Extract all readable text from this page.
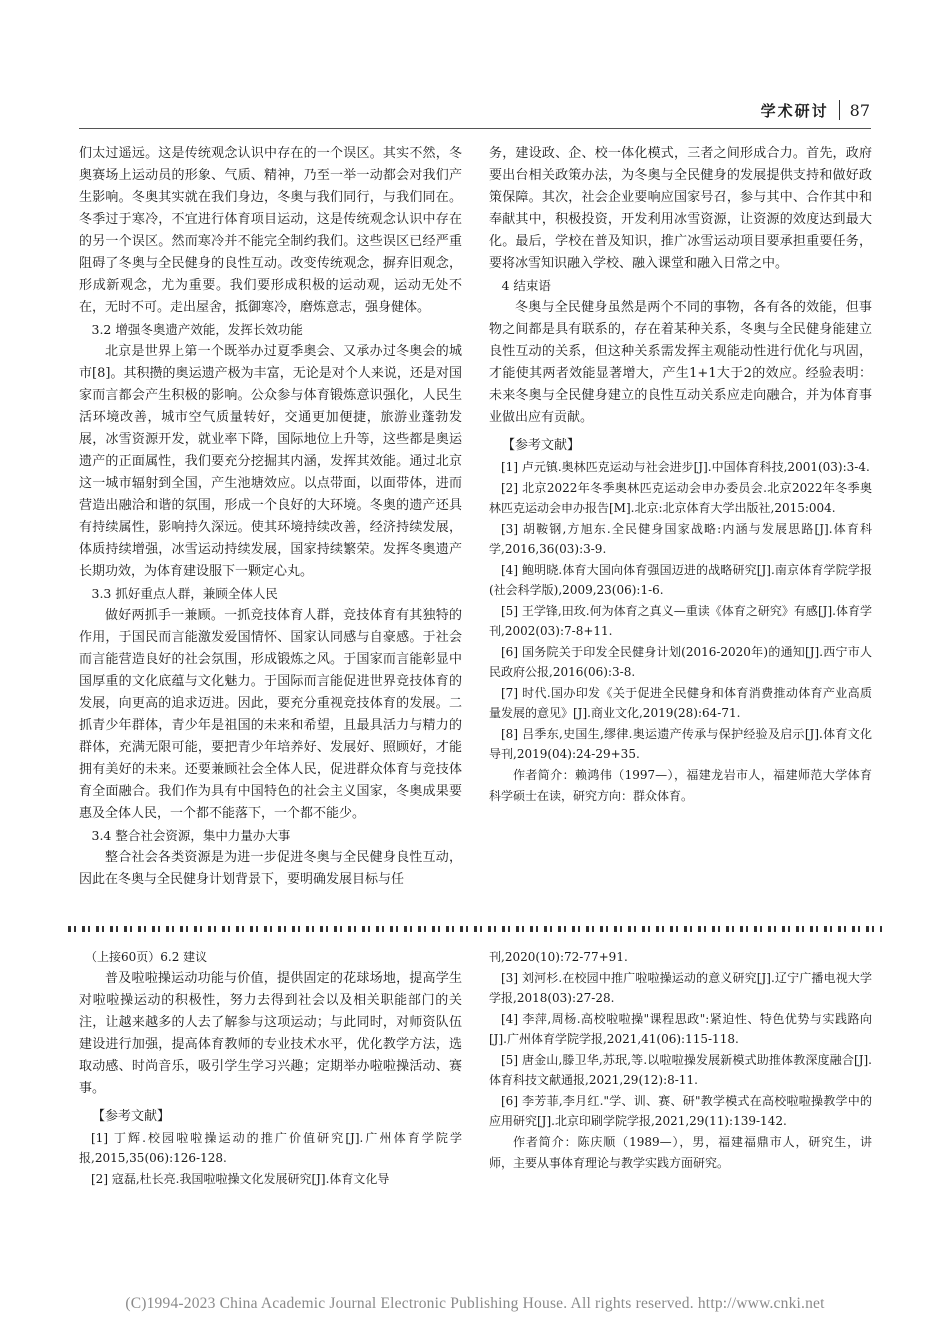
学术研讨 87

们太过遥远。这是传统观念认识中存在的一个误区。其实不然，冬奥赛场上运动员的形象、气质、精神，乃至一举一动都会对我们产生影响。冬奥其实就在我们身边，冬奥与我们同行，与我们同在。冬季过于寒冷，不宜进行体育项目运动，这是传统观念认识中存在的另一个误区。然而寒冷并不能完全制约我们。这些误区已经严重阻碍了冬奥与全民健身的良性互动。改变传统观念，摒弃旧观念，形成新观念，尤为重要。我们要形成积极的运动观，运动无处不在，无时不可。走出屋舍，抵御寒冷，磨炼意志，强身健体。

3.2 增强冬奥遗产效能，发挥长效功能

北京是世界上第一个既举办过夏季奥会、又承办过冬奥会的城市[8]。其积攒的奥运遗产极为丰富，无论是对个人来说，还是对国家而言都会产生积极的影响。公众参与体育锻炼意识强化，人民生活环境改善，城市空气质量转好，交通更加便捷，旅游业蓬勃发展，冰雪资源开发，就业率下降，国际地位上升等，这些都是奥运遗产的正面属性，我们要充分挖掘其内涵，发挥其效能。通过北京这一城市辐射到全国，产生池塘效应。以点带面，以面带体，进而营造出融洽和谐的氛围，形成一个良好的大环境。冬奥的遗产还具有持续属性，影响持久深远。使其环境持续改善，经济持续发展，体质持续增强，冰雪运动持续发展，国家持续繁荣。发挥冬奥遗产长期功效，为体育建设服下一颗定心丸。

3.3 抓好重点人群，兼顾全体人民

做好两抓手一兼顾。一抓竞技体育人群，竞技体育有其独特的作用，于国民而言能激发爱国情怀、国家认同感与自豪感。于社会而言能营造良好的社会氛围，形成锻炼之风。于国家而言能彰显中国厚重的文化底蕴与文化魅力。于国际而言能促进世界竞技体育的发展，向更高的追求迈进。因此，要充分重视竞技体育的发展。二抓青少年群体，青少年是祖国的未来和希望，且最具活力与精力的群体，充满无限可能，要把青少年培养好、发展好、照顾好，才能拥有美好的未来。还要兼顾社会全体人民，促进群众体育与竞技体育全面融合。我们作为具有中国特色的社会主义国家，冬奥成果要惠及全体人民，一个都不能落下，一个都不能少。

3.4 整合社会资源，集中力量办大事

整合社会各类资源是为进一步促进冬奥与全民健身良性互动，因此在冬奥与全民健身计划背景下，要明确发展目标与任

务，建设政、企、校一体化模式，三者之间形成合力。首先，政府要出台相关政策办法，为冬奥与全民健身的发展提供支持和做好政策保障。其次，社会企业要响应国家号召，参与其中、合作其中和奉献其中，积极投资，开发利用冰雪资源，让资源的效度达到最大化。最后，学校在普及知识，推广冰雪运动项目要承担重要任务，要将冰雪知识融入学校、融入课堂和融入日常之中。

4 结束语

冬奥与全民健身虽然是两个不同的事物，各有各的效能，但事物之间都是具有联系的，存在着某种关系，冬奥与全民健身能建立良性互动的关系，但这种关系需发挥主观能动性进行优化与巩固，才能使其两者效能显著增大，产生1+1大于2的效应。经验表明：未来冬奥与全民健身建立的良性互动关系应走向融合，并为体育事业做出应有贡献。

【参考文献】

[1] 卢元镇.奥林匹克运动与社会进步[J].中国体育科技,2001(03):3-4.

[2] 北京2022年冬季奥林匹克运动会申办委员会.北京2022年冬季奥林匹克运动会申办报告[M].北京:北京体育大学出版社,2015:004.

[3] 胡鞍钢,方旭东.全民健身国家战略:内涵与发展思路[J].体育科学,2016,36(03):3-9.

[4] 鲍明晓.体育大国向体育强国迈进的战略研究[J].南京体育学院学报(社会科学版),2009,23(06):1-6.

[5] 王学锋,田玫.何为体育之真义—重读《体育之研究》有感[J].体育学刊,2002(03):7-8+11.

[6] 国务院关于印发全民健身计划(2016-2020年)的通知[J].西宁市人民政府公报,2016(06):3-8.

[7] 时代.国办印发《关于促进全民健身和体育消费推动体育产业高质量发展的意见》[J].商业文化,2019(28):64-71.

[8] 吕季东,史国生,缪律.奥运遗产传承与保护经验及启示[J].体育文化导刊,2019(04):24-29+35.

作者简介：赖鸿伟（1997—），福建龙岩市人，福建师范大学体育科学硕士在读，研究方向：群众体育。

（上接60页）6.2 建议

普及啦啦操运动功能与价值，提供固定的花球场地，提高学生对啦啦操运动的积极性，努力去得到社会以及相关职能部门的关注，让越来越多的人去了解参与这项运动；与此同时，对师资队伍建设进行加强，提高体育教师的专业技术水平，优化教学方法，选取动感、时尚音乐，吸引学生学习兴趣；定期举办啦啦操活动、赛事。

【参考文献】

[1] 丁辉.校园啦啦操运动的推广价值研究[J].广州体育学院学报,2015,35(06):126-128.

[2] 寇磊,杜长亮.我国啦啦操文化发展研究[J].体育文化导

刊,2020(10):72-77+91.

[3] 刘河杉.在校园中推广啦啦操运动的意义研究[J].辽宁广播电视大学学报,2018(03):27-28.

[4] 李萍,周杨.高校啦啦操"课程思政":紧迫性、特色优势与实践路向[J].广州体育学院学报,2021,41(06):115-118.

[5] 唐金山,滕卫华,苏珉,等.以啦啦操发展新模式助推体教深度融合[J].体育科技文献通报,2021,29(12):8-11.

[6] 李芳菲,李月红."学、训、赛、研"教学模式在高校啦啦操教学中的应用研究[J].北京印刷学院学报,2021,29(11):139-142.

作者简介：陈庆顺（1989—），男，福建福鼎市人，研究生，讲师，主要从事体育理论与教学实践方面研究。

(C)1994-2023 China Academic Journal Electronic Publishing House. All rights reserved. http://www.cnki.net
